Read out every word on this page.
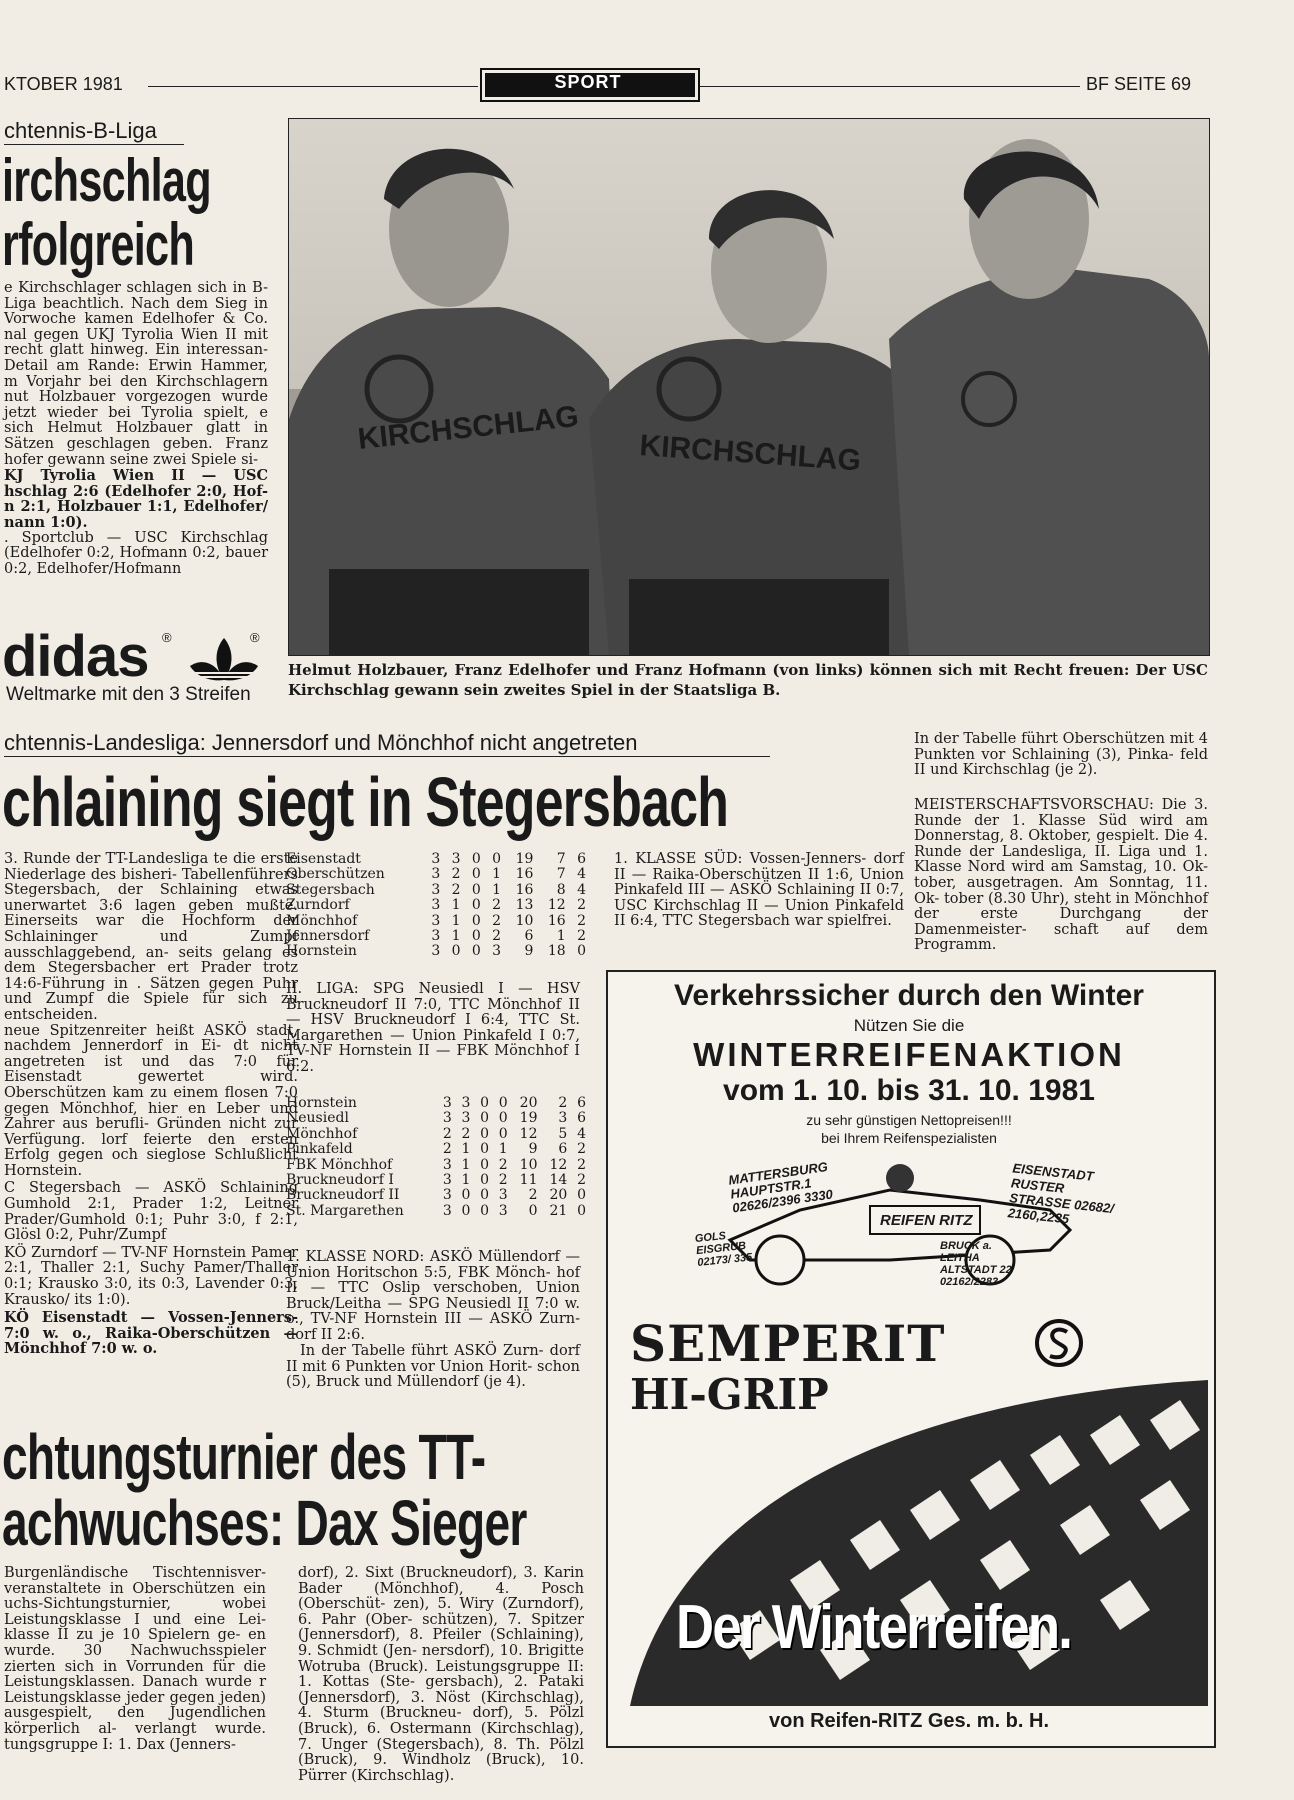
KTOBER 1981	SPORT	BF SEITE 69
chtennis-B-Liga
irchschlag
rfolgreich

e Kirchschlager schlagen sich in B-Liga beachtlich. Nach dem Sieg in Vorwoche kamen Edelhofer & Co. nal gegen UKJ Tyrolia Wien II mit recht glatt hinweg. Ein interessan- Detail am Rande: Erwin Hammer, m Vorjahr bei den Kirchschlagern nut Holzbauer vorgezogen wurde jetzt wieder bei Tyrolia spielt, e sich Helmut Holzbauer glatt in Sätzen geschlagen geben. Franz hofer gewann seine zwei Spiele si-

KJ Tyrolia Wien II — USC hschlag 2:6 (Edelhofer 2:0, Hof- n 2:1, Holzbauer 1:1, Edelhofer/ nann 1:0).

. Sportclub — USC Kirchschlag (Edelhofer 0:2, Hofmann 0:2, bauer 0:2, Edelhofer/Hofmann

didas ®	®
Weltmarke mit den 3 Streifen
KIRCHSCHLAG KIRCHSCHLAG
Helmut Holzbauer, Franz Edelhofer und Franz Hofmann (von links) können sich mit Recht freuen: Der USC Kirchschlag gewann sein zweites Spiel in der Staatsliga B.
chtennis-Landesliga: Jennersdorf und Mönchhof nicht angetreten
chlaining siegt in Stegersbach

3. Runde der TT-Landesliga te die erste Niederlage des bisheri- Tabellenführers Stegersbach, der Schlaining etwas unerwartet 3:6 lagen geben mußte. Einerseits war die Hochform der Schlaininger und Zumpf ausschlaggebend, an- seits gelang es dem Stegersbacher ert Prader trotz 14:6-Führung in . Sätzen gegen Puhr und Zumpf die Spiele für sich zu entscheiden.

neue Spitzenreiter heißt ASKÖ stadt, nachdem Jennerdorf in Ei- dt nicht angetreten ist und das 7:0 für Eisenstadt gewertet wird. Oberschützen kam zu einem flosen 7:0 gegen Mönchhof, hier en Leber und Zahrer aus berufli- Gründen nicht zur Verfügung. lorf feierte den ersten Erfolg gegen och sieglose Schlußlicht Hornstein.

C Stegersbach — ASKÖ Schlaining Gumhold 2:1, Prader 1:2, Leitner Prader/Gumhold 0:1; Puhr 3:0, f 2:1, Glösl 0:2, Puhr/Zumpf

KÖ Zurndorf — TV-NF Hornstein Pamer 2:1, Thaller 2:1, Suchy Pamer/Thaller 0:1; Krausko 3:0, its 0:3, Lavender 0:3, Krausko/ its 1:0).

KÖ Eisenstadt — Vossen-Jenners- 7:0 w. o., Raika-Oberschützen — Mönchhof 7:0 w. o.

Eisenstadt	3	3	0	0	19	7	6
Oberschützen	3	2	0	1	16	7	4
Stegersbach	3	2	0	1	16	8	4
Zurndorf	3	1	0	2	13	12	2
Mönchhof	3	1	0	2	10	16	2
Jennersdorf	3	1	0	2	6	1	2
Hornstein	3	0	0	3	9	18	0
II. LIGA: SPG Neusiedl I — HSV Bruckneudorf II 7:0, TTC Mönchhof II — HSV Bruckneudorf I 6:4, TTC St. Margarethen — Union Pinkafeld I 0:7, TV-NF Hornstein II — FBK Mönchhof I 6:2.
Hornstein	3	3	0	0	20	2	6
Neusiedl	3	3	0	0	19	3	6
Mönchhof	2	2	0	0	12	5	4
Pinkafeld	2	1	0	1	9	6	2
FBK Mönchhof	3	1	0	2	10	12	2
Bruckneudorf I	3	1	0	2	11	14	2
Bruckneudorf II	3	0	0	3	2	20	0
St. Margarethen	3	0	0	3	0	21	0
1. KLASSE NORD: ASKÖ Müllendorf — Union Horitschon 5:5, FBK Mönch- hof II — TTC Oslip verschoben, Union Bruck/Leitha — SPG Neusiedl II 7:0 w. o., TV-NF Hornstein III — ASKÖ Zurn- dorf II 2:6.
In der Tabelle führt ASKÖ Zurn- dorf II mit 6 Punkten vor Union Horit- schon (5), Bruck und Müllendorf (je 4).
1. KLASSE SÜD: Vossen-Jenners- dorf II — Raika-Oberschützen II 1:6, Union Pinkafeld III — ASKÖ Schlaining II 0:7, USC Kirchschlag II — Union Pinkafeld II 6:4, TTC Stegersbach war spielfrei.
In der Tabelle führt Oberschützen mit 4 Punkten vor Schlaining (3), Pinka- feld II und Kirchschlag (je 2).
MEISTERSCHAFTSVORSCHAU: Die 3. Runde der 1. Klasse Süd wird am Donnerstag, 8. Oktober, gespielt. Die 4. Runde der Landesliga, II. Liga und 1. Klasse Nord wird am Samstag, 10. Ok- tober, ausgetragen. Am Sonntag, 11. Ok- tober (8.30 Uhr), steht in Mönchhof der erste Durchgang der Damenmeister- schaft auf dem Programm.
chtungsturnier des TT-
achwuchses: Dax Sieger
Burgenländische Tischtennisver- veranstaltete in Oberschützen ein uchs-Sichtungsturnier, wobei Leistungsklasse I und eine Lei- klasse II zu je 10 Spielern ge- en wurde. 30 Nachwuchsspieler zierten sich in Vorrunden für die Leistungsklassen. Danach wurde r Leistungsklasse jeder gegen jeden) ausgespielt, den Jugendlichen körperlich al- verlangt wurde. tungsgruppe I: 1. Dax (Jenners-
dorf), 2. Sixt (Bruckneudorf), 3. Karin Bader (Mönchhof), 4. Posch (Oberschüt- zen), 5. Wiry (Zurndorf), 6. Pahr (Ober- schützen), 7. Spitzer (Jennersdorf), 8. Pfeiler (Schlaining), 9. Schmidt (Jen- nersdorf), 10. Brigitte Wotruba (Bruck). Leistungsgruppe II: 1. Kottas (Ste- gersbach), 2. Pataki (Jennersdorf), 3. Nöst (Kirchschlag), 4. Sturm (Bruckneu- dorf), 5. Pölzl (Bruck), 6. Ostermann (Kirchschlag), 7. Unger (Stegersbach), 8. Th. Pölzl (Bruck), 9. Windholz (Bruck), 10. Pürrer (Kirchschlag).
Verkehrssicher durch den Winter
Nützen Sie die
WINTERREIFENAKTION
vom 1. 10. bis 31. 10. 1981
zu sehr günstigen Nettopreisen!!!
bei Ihrem Reifenspezialisten
MATTERSBURG HAUPTSTR.1 02626/2396 3330
EISENSTADT RUSTER STRASSE 02682/ 2160,2235
GOLS EISGRUB 02173/ 335
REIFEN RITZ
BRUCK a. LEITHA ALTSTADT 22 02162/2283
SEMPERIT
HI-GRIP
Der Winterreifen.
von Reifen-RITZ Ges. m. b. H.
